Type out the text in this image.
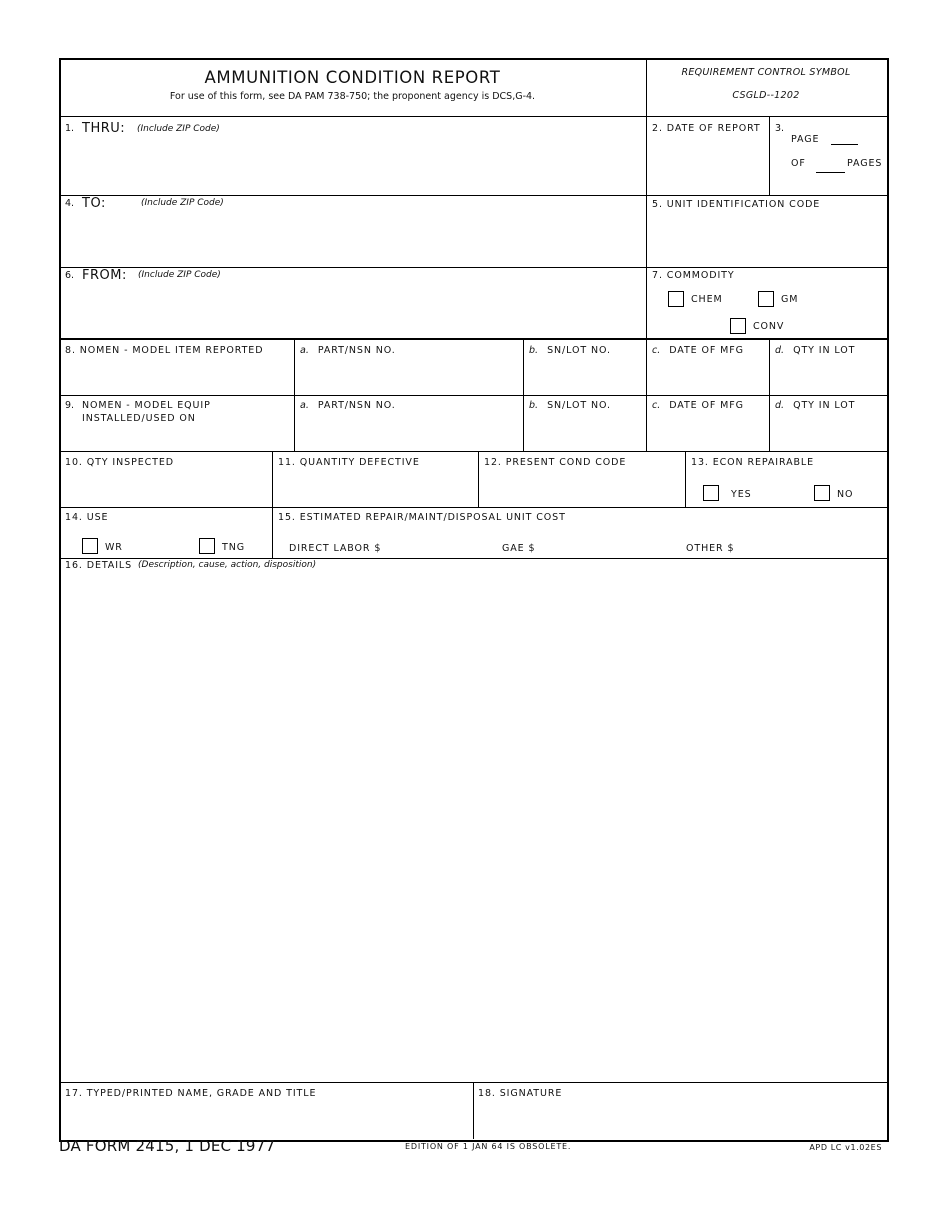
AMMUNITION CONDITION REPORT
For use of this form, see DA PAM 738-750; the proponent agency is DCS,G-4.
REQUIREMENT CONTROL SYMBOL
CSGLD--1202
1. THRU: (Include ZIP Code)	2. DATE OF REPORT 3.
PAGE
OF	PAGES
4. TO:	(Include ZIP Code)	5. UNIT IDENTIFICATION CODE
6. FROM: (Include ZIP Code)	7. COMMODITY
CHEM	GM
CONV
8. NOMEN - MODEL ITEM REPORTED	a. PART/NSN NO.	b. SN/LOT NO.	c. DATE OF MFG	d. QTY IN LOT
9. NOMEN - MODEL EQUIP
INSTALLED/USED ON
a. PART/NSN NO.	b. SN/LOT NO.	c. DATE OF MFG	d. QTY IN LOT
10. QTY INSPECTED	11. QUANTITY DEFECTIVE	12. PRESENT COND CODE	13. ECON REPAIRABLE
YES	NO
14. USE
WR	TNG
15. ESTIMATED REPAIR/MAINT/DISPOSAL UNIT COST
DIRECT LABOR $	GAE $	OTHER $
16. DETAILS (Description, cause, action, disposition)
17. TYPED/PRINTED NAME, GRADE AND TITLE	18. SIGNATURE
DA FORM 2415, 1 DEC 1977	EDITION OF 1 JAN 64 IS OBSOLETE.	APD LC v1.02ES
